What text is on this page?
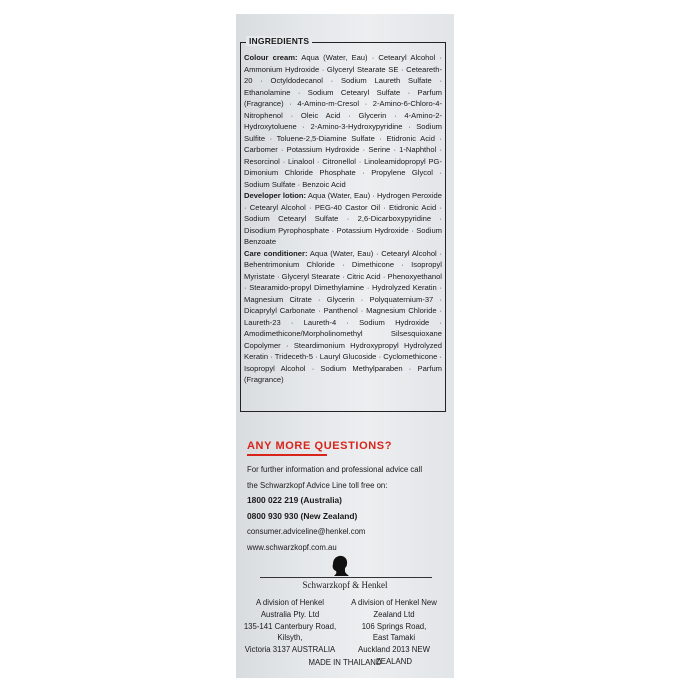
INGREDIENTS

Colour cream: Aqua (Water, Eau) · Cetearyl Alcohol · Ammonium Hydroxide · Glyceryl Stearate SE · Ceteareth-20 · Octyldodecanol · Sodium Laureth Sulfate · Ethanolamine · Sodium Cetearyl Sulfate · Parfum (Fragrance) · 4-Amino-m-Cresol · 2-Amino-6-Chloro-4-Nitrophenol · Oleic Acid · Glycerin · 4-Amino-2-Hydroxytoluene · 2-Amino-3-Hydroxypyridine · Sodium Sulfite · Toluene-2,5-Diamine Sulfate · Etidronic Acid · Carbomer · Potassium Hydroxide · Serine · 1-Naphthol · Resorcinol · Linalool · Citronellol · Linoleamidopropyl PG-Dimonium Chloride Phosphate · Propylene Glycol · Sodium Sulfate · Benzoic Acid

Developer lotion: Aqua (Water, Eau) · Hydrogen Peroxide · Cetearyl Alcohol · PEG-40 Castor Oil · Etidronic Acid · Sodium Cetearyl Sulfate · 2,6-Dicarboxypyridine · Disodium Pyrophosphate · Potassium Hydroxide · Sodium Benzoate

Care conditioner: Aqua (Water, Eau) · Cetearyl Alcohol · Behentrimonium Chloride · Dimethicone · Isopropyl Myristate · Glyceryl Stearate · Citric Acid · Phenoxyethanol · Stearamido-propyl Dimethylamine · Hydrolyzed Keratin · Magnesium Citrate · Glycerin · Polyquaternium-37 · Dicaprylyl Carbonate · Panthenol · Magnesium Chloride · Laureth-23 · Laureth-4 · Sodium Hydroxide · Amodimethicone/Morpholinomethyl Silsesquioxane Copolymer · Steardimonium Hydroxypropyl Hydrolyzed Keratin · Trideceth-5 · Lauryl Glucoside · Cyclomethicone · Isopropyl Alcohol · Sodium Methylparaben · Parfum (Fragrance)

ANY MORE QUESTIONS?
For further information and professional advice call
the Schwarzkopf Advice Line toll free on:
1800 022 219 (Australia)
0800 930 930 (New Zealand)
consumer.adviceline@henkel.com
www.schwarzkopf.com.au
Schwarzkopf & Henkel
A division of Henkel
Australia Pty. Ltd
135-141 Canterbury Road,
Kilsyth,
Victoria 3137 AUSTRALIA
A division of Henkel New
Zealand Ltd
106 Springs Road,
East Tamaki
Auckland 2013 NEW ZEALAND
MADE IN THAILAND
